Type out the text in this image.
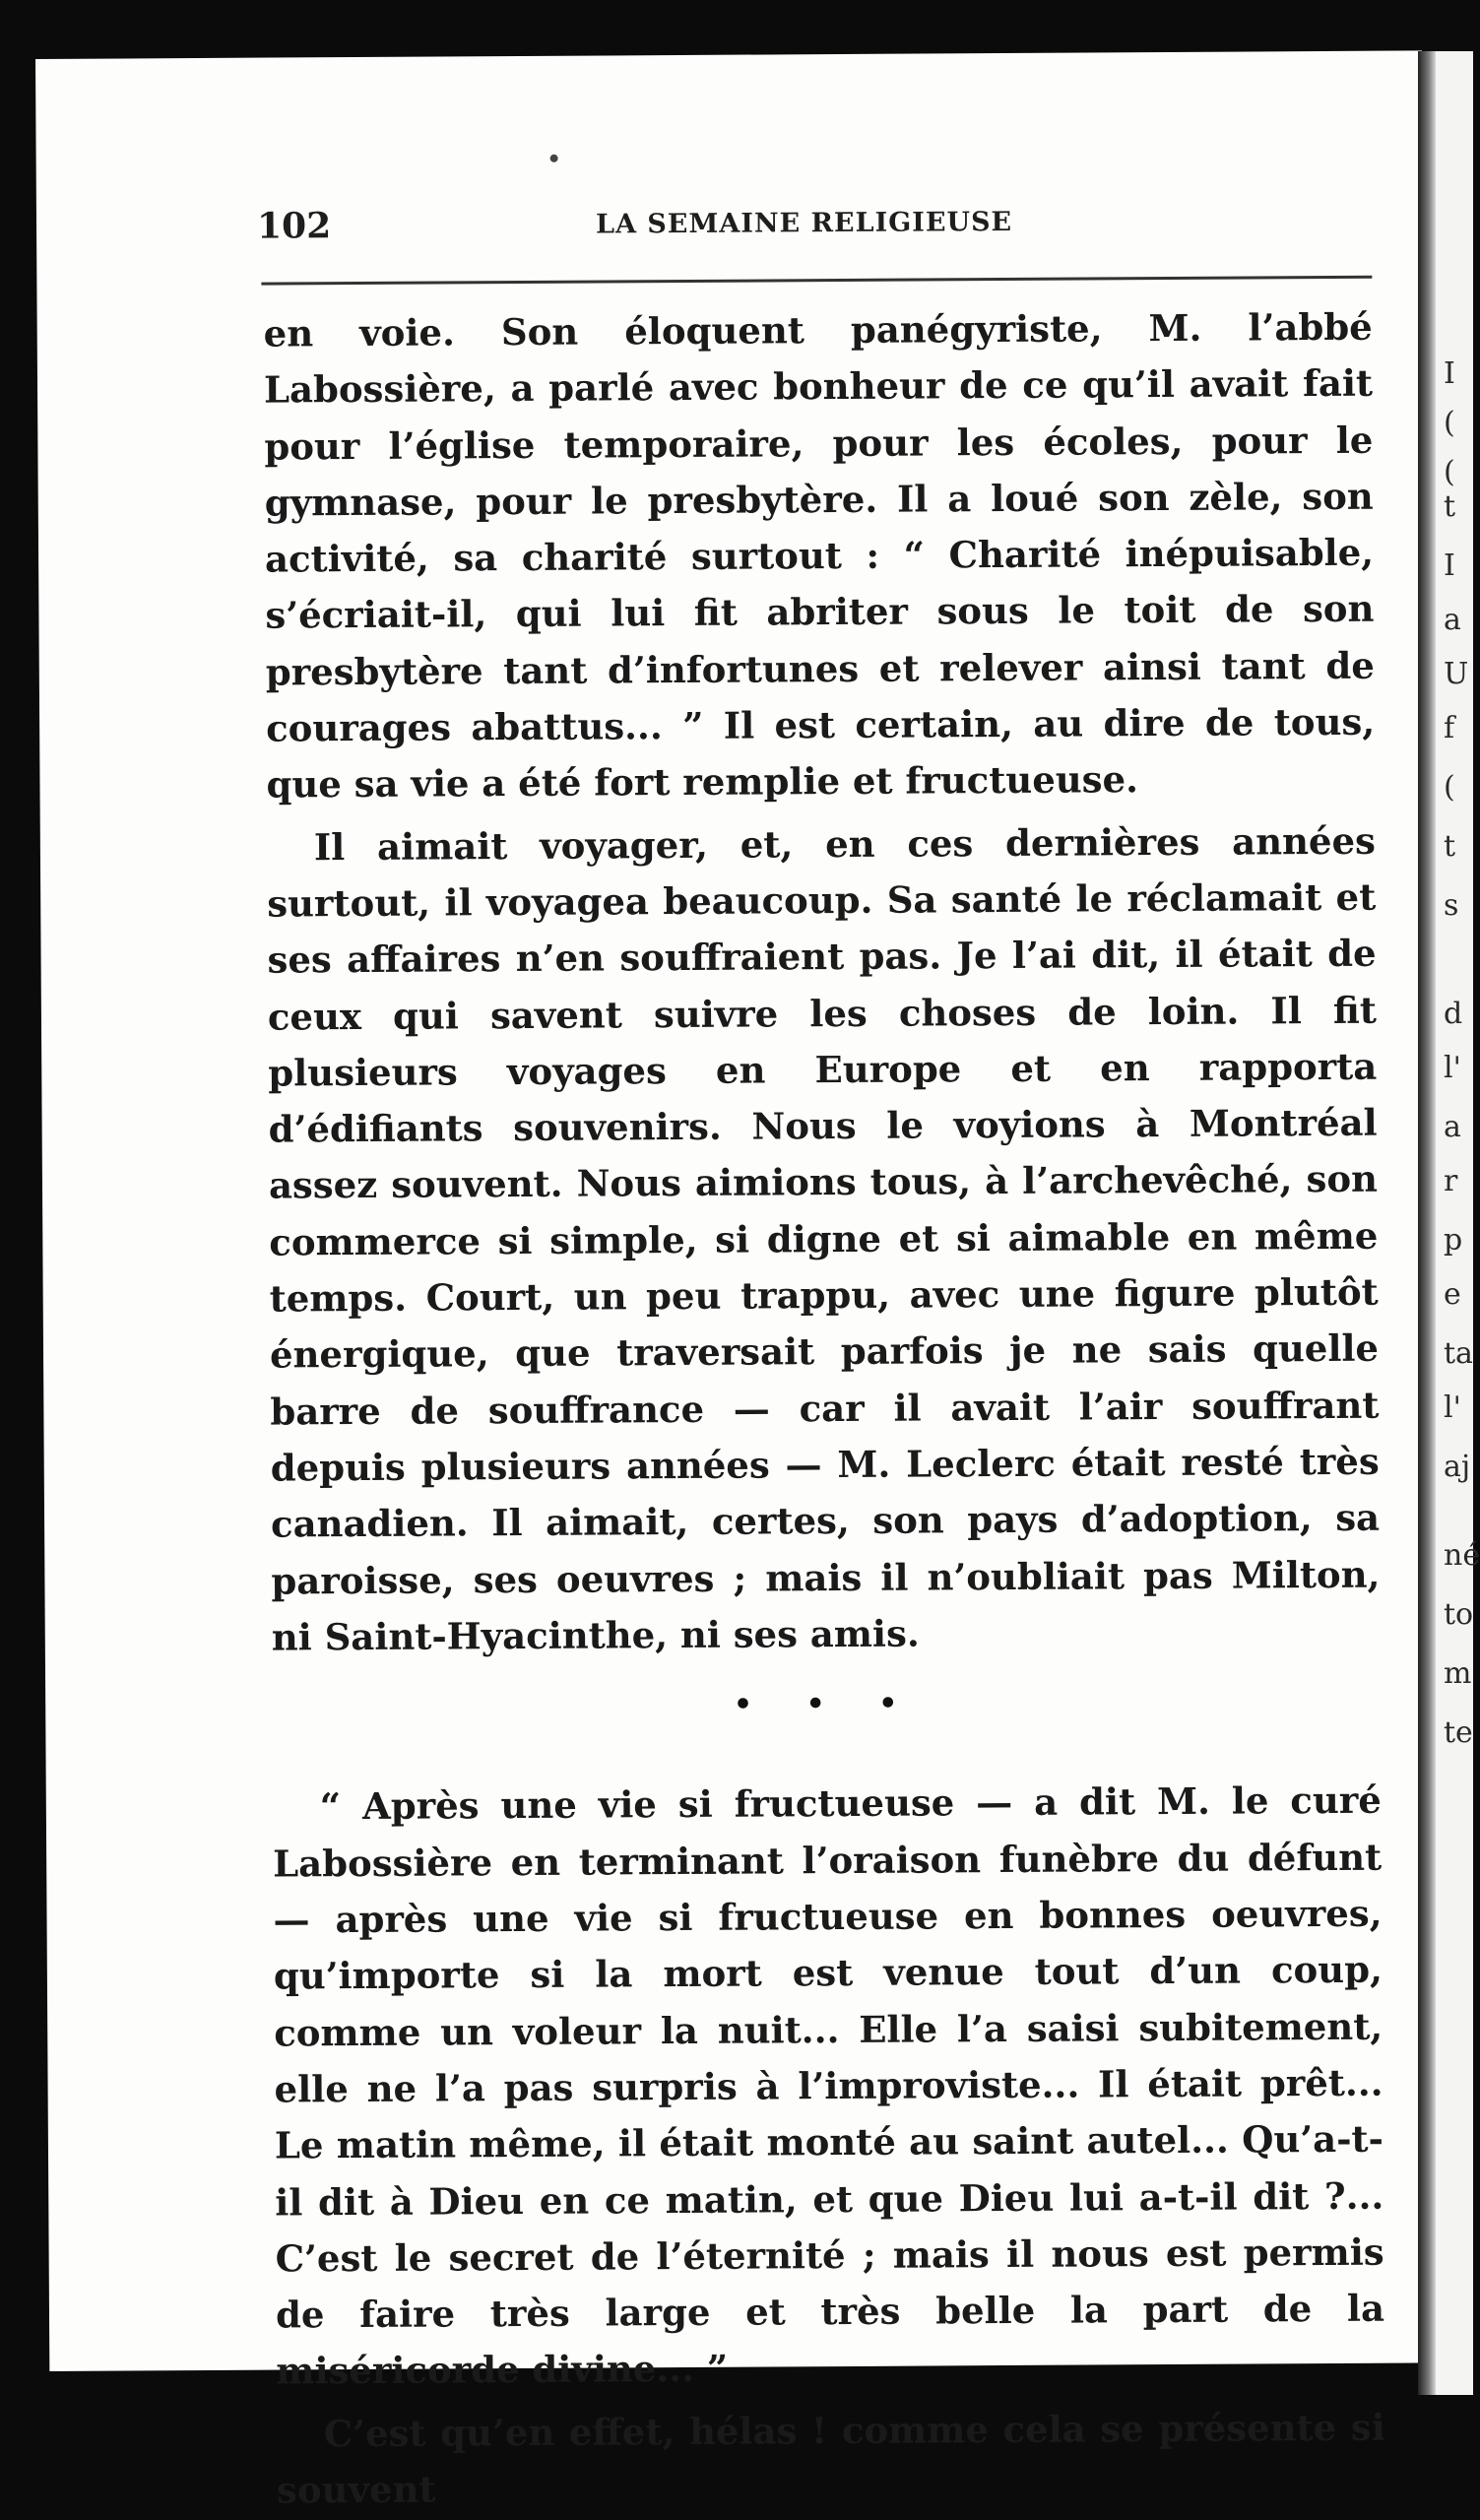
102	LA SEMAINE RELIGIEUSE

en voie. Son éloquent panégyriste, M. l’abbé Labossière, a parlé avec bonheur de ce qu’il avait fait pour l’église temporaire, pour les écoles, pour le gymnase, pour le presbytère. Il a loué son zèle, son activité, sa charité surtout : “ Charité inépuisable, s’écriait-il, qui lui fit abriter sous le toit de son presbytère tant d’infortunes et relever ainsi tant de courages abattus... ” Il est certain, au dire de tous, que sa vie a été fort remplie et fructueuse.

Il aimait voyager, et, en ces dernières années surtout, il voyagea beaucoup. Sa santé le réclamait et ses affaires n’en souffraient pas. Je l’ai dit, il était de ceux qui savent suivre les choses de loin. Il fit plusieurs voyages en Europe et en rapporta d’édifiants souvenirs. Nous le voyions à Montréal assez souvent. Nous aimions tous, à l’archevêché, son commerce si simple, si digne et si aimable en même temps. Court, un peu trappu, avec une figure plutôt énergique, que traversait parfois je ne sais quelle barre de souffrance — car il avait l’air souffrant depuis plusieurs années — M. Leclerc était resté très canadien. Il aimait, certes, son pays d’adoption, sa paroisse, ses oeuvres ; mais il n’oubliait pas Milton, ni Saint-Hyacinthe, ni ses amis.

• • •

“ Après une vie si fructueuse — a dit M. le curé Labossière en terminant l’oraison funèbre du défunt — après une vie si fructueuse en bonnes oeuvres, qu’importe si la mort est venue tout d’un coup, comme un voleur la nuit... Elle l’a saisi subitement, elle ne l’a pas surpris à l’improviste... Il était prêt... Le matin même, il était monté au saint autel... Qu’a-t-il dit à Dieu en ce matin, et que Dieu lui a-t-il dit ?... C’est le secret de l’éternité ; mais il nous est permis de faire très large et très belle la part de la miséricorde divine... ”

C’est qu’en effet, hélas ! comme cela se présente si souvent

I
(
(
t
I
a
U
f
(
t
s
d
l'
a
r
p
e
ta
l'
aj
né
to
m
te
